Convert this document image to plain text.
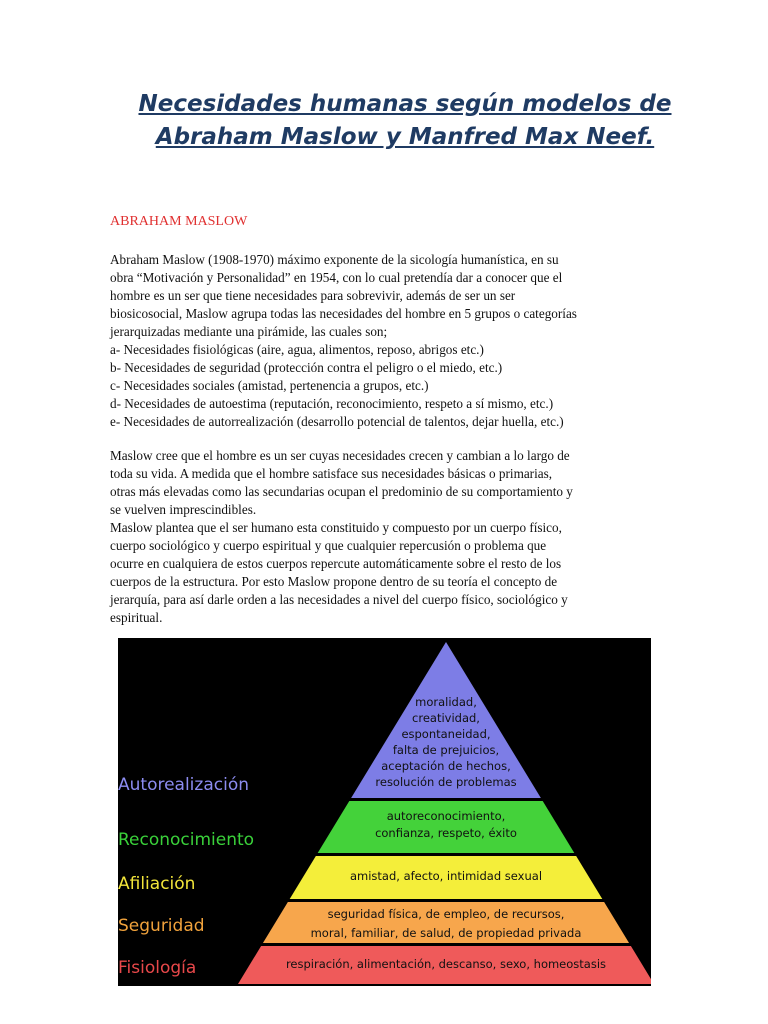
Necesidades humanas según modelos de
Abraham Maslow y Manfred Max Neef.

ABRAHAM MASLOW

Abraham Maslow (1908-1970) máximo exponente de la sicología humanística, en su
obra “Motivación y Personalidad” en 1954, con lo cual pretendía dar a conocer que el
hombre es un ser que tiene necesidades para sobrevivir, además de ser un ser
biosicosocial, Maslow agrupa todas las necesidades del hombre en 5 grupos o categorías
jerarquizadas mediante una pirámide, las cuales son;
a- Necesidades fisiológicas (aire, agua, alimentos, reposo, abrigos etc.)
b- Necesidades de seguridad (protección contra el peligro o el miedo, etc.)
c- Necesidades sociales (amistad, pertenencia a grupos, etc.)
d- Necesidades de autoestima (reputación, reconocimiento, respeto a sí mismo, etc.)
e- Necesidades de autorrealización (desarrollo potencial de talentos, dejar huella, etc.)
Maslow cree que el hombre es un ser cuyas necesidades crecen y cambian a lo largo de
toda su vida. A medida que el hombre satisface sus necesidades básicas o primarias,
otras más elevadas como las secundarias ocupan el predominio de su comportamiento y
se vuelven imprescindibles.
Maslow plantea que el ser humano esta constituido y compuesto por un cuerpo físico,
cuerpo sociológico y cuerpo espiritual y que cualquier repercusión o problema que
ocurre en cualquiera de estos cuerpos repercute automáticamente sobre el resto de los
cuerpos de la estructura. Por esto Maslow propone dentro de su teoría el concepto de
jerarquía, para así darle orden a las necesidades a nivel del cuerpo físico, sociológico y
espiritual.
moralidad,
creatividad,
espontaneidad,
falta de prejuicios,
aceptación de hechos,
resolución de problemas
Autorealización
autoreconocimiento,
confianza, respeto, éxito
Reconocimiento
amistad, afecto, intimidad sexual
Afiliación
seguridad física, de empleo, de recursos,
moral, familiar, de salud, de propiedad privada
Seguridad
respiración, alimentación, descanso, sexo, homeostasis
Fisiología
